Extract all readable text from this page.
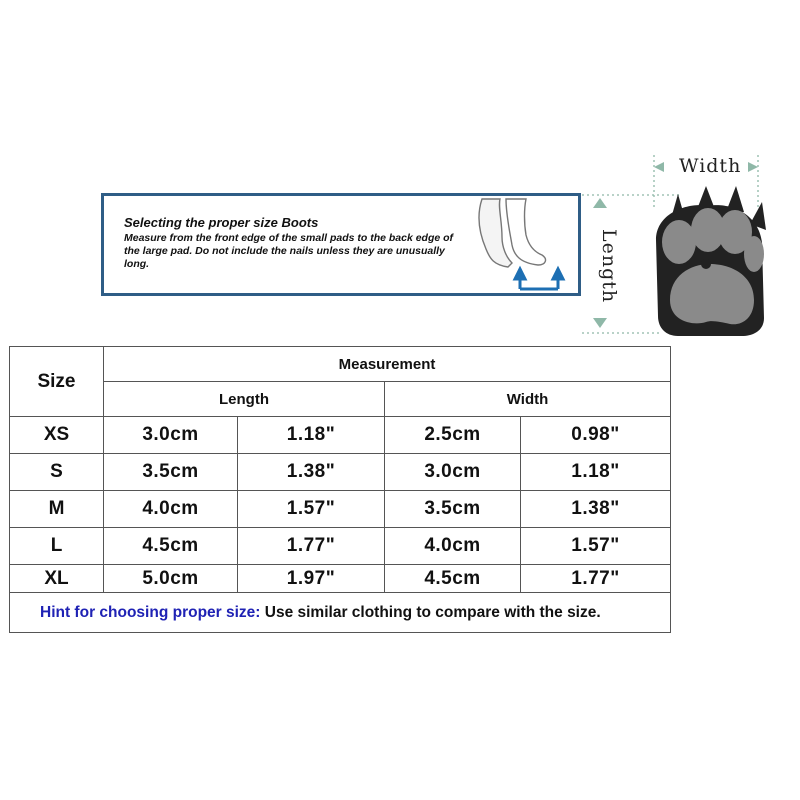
Selecting the proper size Boots
Measure from the front edge of the small pads to the back edge of the large pad. Do not include the nails unless they are unusually long.
Width
Length
Size	Measurement			
	Length		Width	
XS	3.0cm	1.18"	2.5cm	0.98"
S	3.5cm	1.38"	3.0cm	1.18"
M	4.0cm	1.57"	3.5cm	1.38"
L	4.5cm	1.77"	4.0cm	1.57"
XL	5.0cm	1.97"	4.5cm	1.77"
Hint for choosing proper size: Use similar clothing to compare with the size.				
